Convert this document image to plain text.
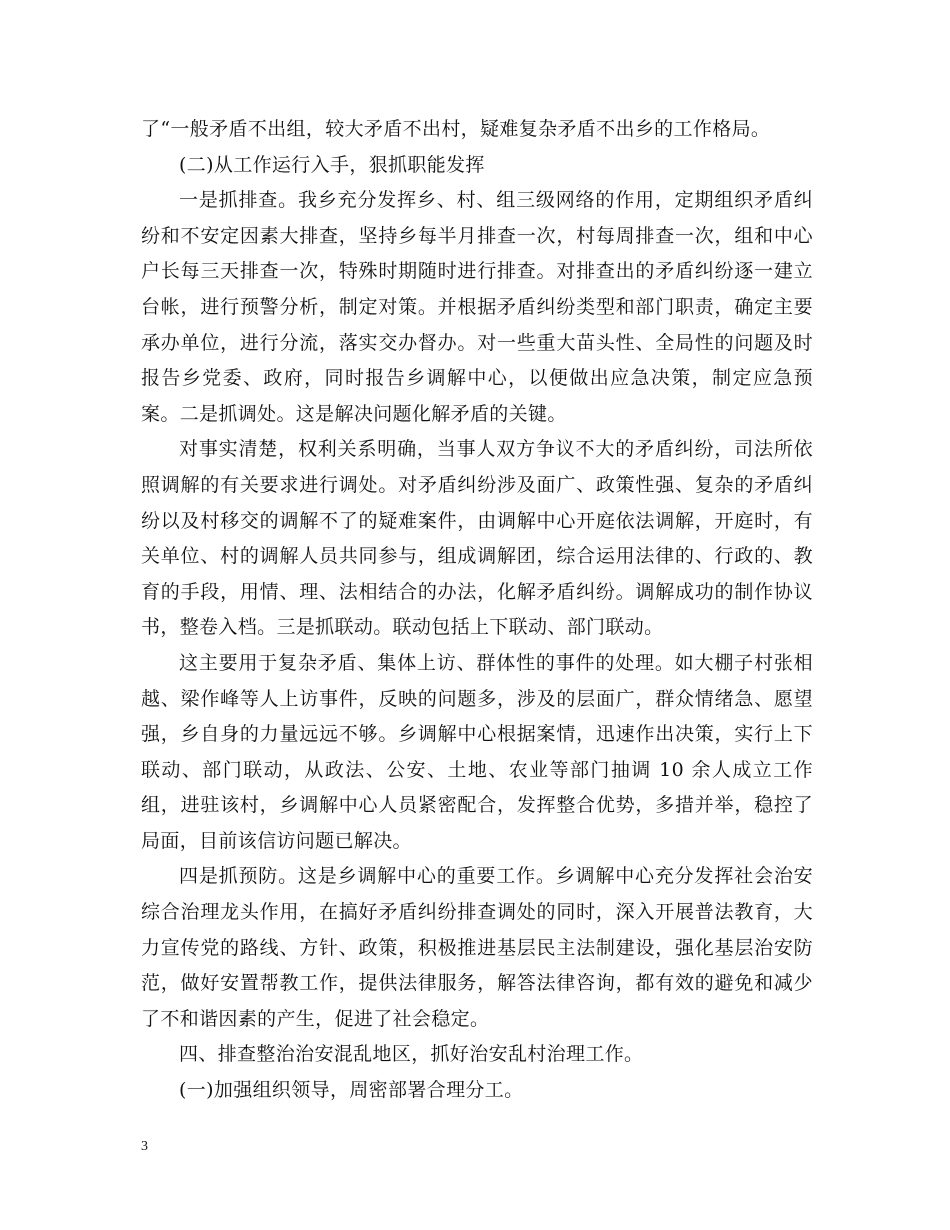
了“一般矛盾不出组，较大矛盾不出村，疑难复杂矛盾不出乡的工作格局。

(二)从工作运行入手，狠抓职能发挥

一是抓排查。我乡充分发挥乡、村、组三级网络的作用，定期组织矛盾纠纷和不安定因素大排查，坚持乡每半月排查一次，村每周排查一次，组和中心户长每三天排查一次，特殊时期随时进行排查。对排查出的矛盾纠纷逐一建立台帐，进行预警分析，制定对策。并根据矛盾纠纷类型和部门职责，确定主要承办单位，进行分流，落实交办督办。对一些重大苗头性、全局性的问题及时报告乡党委、政府，同时报告乡调解中心，以便做出应急决策，制定应急预案。二是抓调处。这是解决问题化解矛盾的关键。

对事实清楚，权利关系明确，当事人双方争议不大的矛盾纠纷，司法所依照调解的有关要求进行调处。对矛盾纠纷涉及面广、政策性强、复杂的矛盾纠纷以及村移交的调解不了的疑难案件，由调解中心开庭依法调解，开庭时，有关单位、村的调解人员共同参与，组成调解团，综合运用法律的、行政的、教育的手段，用情、理、法相结合的办法，化解矛盾纠纷。调解成功的制作协议书，整卷入档。三是抓联动。联动包括上下联动、部门联动。

这主要用于复杂矛盾、集体上访、群体性的事件的处理。如大棚子村张相越、梁作峰等人上访事件，反映的问题多，涉及的层面广，群众情绪急、愿望强，乡自身的力量远远不够。乡调解中心根据案情，迅速作出决策，实行上下联动、部门联动，从政法、公安、土地、农业等部门抽调 10 余人成立工作组，进驻该村，乡调解中心人员紧密配合，发挥整合优势，多措并举，稳控了局面，目前该信访问题已解决。

四是抓预防。这是乡调解中心的重要工作。乡调解中心充分发挥社会治安综合治理龙头作用，在搞好矛盾纠纷排查调处的同时，深入开展普法教育，大力宣传党的路线、方针、政策，积极推进基层民主法制建设，强化基层治安防范，做好安置帮教工作，提供法律服务，解答法律咨询，都有效的避免和减少了不和谐因素的产生，促进了社会稳定。

四、排查整治治安混乱地区，抓好治安乱村治理工作。

(一)加强组织领导，周密部署合理分工。

3
